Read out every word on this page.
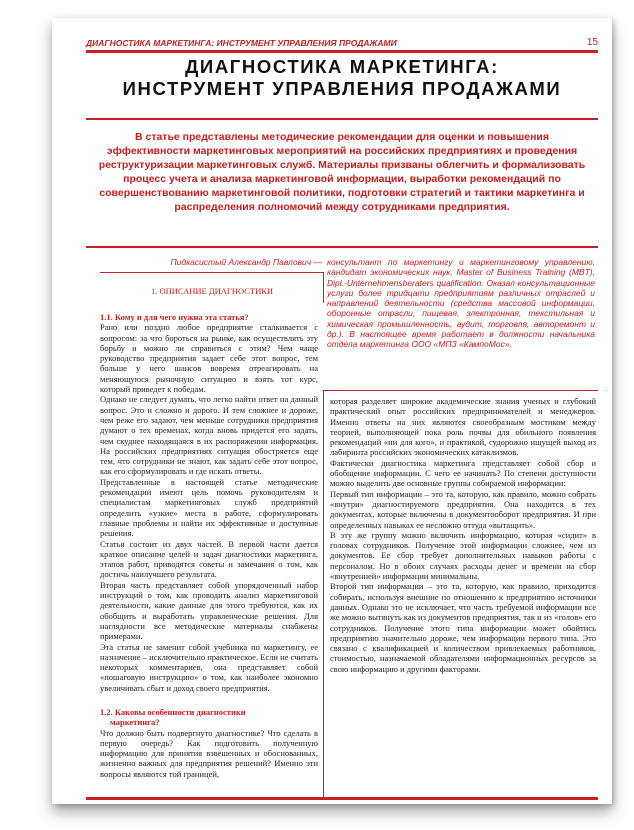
ДИАГНОСТИКА МАРКЕТИНГА: ИНСТРУМЕНТ УПРАВЛЕНИЯ ПРОДАЖАМИ	15
ДИАГНОСТИКА МАРКЕТИНГА:
ИНСТРУМЕНТ УПРАВЛЕНИЯ ПРОДАЖАМИ
В статье представлены методические рекомендации для оценки и повышения эффективности маркетинговых мероприятий на российских предприятиях и проведения реструктуризации маркетинговых служб. Материалы призваны облегчить и формализовать процесс учета и анализа маркетинговой информации, выработки рекомендаций по совершенствованию маркетинговой политики, подготовки стратегий и тактики маркетинга и распределения полномочий между сотрудниками предприятия.
Пидкасистый Александр Павлович — консультант по маркетингу и маркетинговому управлению, кандидат экономических наук, Master of Business Training (MBT), Dipl.-Unternehmensberaters qualification. Оказал консультационные услуги более тридцати предприятиям различных отраслей и направлений деятельности (средства массовой информации, оборонные отрасли, пищевая, электронная, текстильная и химическая промышленность, аудит, торговля, авторемонт и др.). В настоящее время работает в должности начальника отдела маркетинга ООО «МПЗ «КампоМос».
1. ОПИСАНИЕ ДИАГНОСТИКИ

1.1. Кому и для чего нужна эта статья?

Рано или поздно любое предприятие сталкивается с вопросом: за что бороться на рынке, как осуществлять эту борьбу и можно ли справиться с этим? Чем чаще руководство предприятия задает себе этот вопрос, тем больше у него шансов вовремя отреагировать на меняющуюся рыночную ситуацию и взять тот курс, который приведет к победам.

Однако не следует думать, что легко найти ответ на данный вопрос. Это и сложно и дорого. И тем сложнее и дороже, чем реже его задают, чем меньше сотрудники предприятия думают о тех временах, когда вновь придется его задать, чем скуднее находящаяся в их распоряжении информация. На российских предприятиях ситуация обостряется еще тем, что сотрудники не знают, как задать себе этот вопрос, как его сформулировать и где искать ответы.

Представленные в настоящей статье методические рекомендации имеют цель помочь руководителям и специалистам маркетинговых служб предприятий определить «узкие» места в работе, сформулировать главные проблемы и найти их эффективные и доступные решения.

Статья состоит из двух частей. В первой части дается краткое описание целей и задач диагностики маркетинга, этапов работ, приводятся советы и замечания о том, как достичь наилучшего результата.

Вторая часть представляет собой упорядоченный набор инструкций о том, как проводить анализ маркетинговой деятельности, какие данные для этого требуются, как их обобщить и выработать управленческие решения. Для наглядности все методические материалы снабжены примерами.

Эта статья не заменит собой учебника по маркетингу, ее назначение – исключительно практическое. Если не считать некоторых комментариев, она представляет собой «пошаговую инструкцию» о том, как наиболее экономно увеличивать сбыт и доход своего предприятия.

1.2. Каковы особенности диагностики

маркетинга?

Что должно быть подвергнуто диагностике? Что сделать в первую очередь? Как подготовить полученную информацию для принятия взвешенных и обоснованных, жизненно важных для предприятия решений? Именно эти вопросы являются той границей,

которая разделяет широкие академические знания ученых и глубокий практический опыт российских предпринимателей и менеджеров. Именно ответы на них являются своеобразным мостиком между теорией, выполняющей пока роль почвы для обильного появления рекомендаций «ни для кого», и практикой, судорожно ищущей выход из лабиринта российских экономических катаклизмов.

Фактически диагностика маркетинга представляет собой сбор и обобщение информации. С чего ее начинать? По степени доступности можно выделить две основные группы собираемой информации:

Первый тип информации – это та, которую, как правило, можно собрать «внутри» диагностируемого предприятия. Она находится в тех документах, которые включены в документооборот предприятия. И при определенных навыках ее несложно оттуда «вытащить».

В эту же группу можно включить информацию, которая «сидит» в головах сотрудников. Получение этой информации сложнее, чем из документов. Ее сбор требует дополнительных навыков работы с персоналом. Но в обоих случаях расходы денег и времени на сбор «внутренней» информации минимальны.

Второй тип информации – это та, которую, как правило, приходится собирать, используя внешние по отношению к предприятию источники данных. Однако это не исключает, что часть требуемой информации все же можно вытянуть как из документов предприятия, так и из «голов» его сотрудников. Получение этого типа информации может обойтись предприятию значительно дороже, чем информации первого типа. Это связано с квалификацией и количеством привлекаемых работников, стоимостью, назначаемой обладателями информационных ресурсов за свою информацию и другими факторами.
